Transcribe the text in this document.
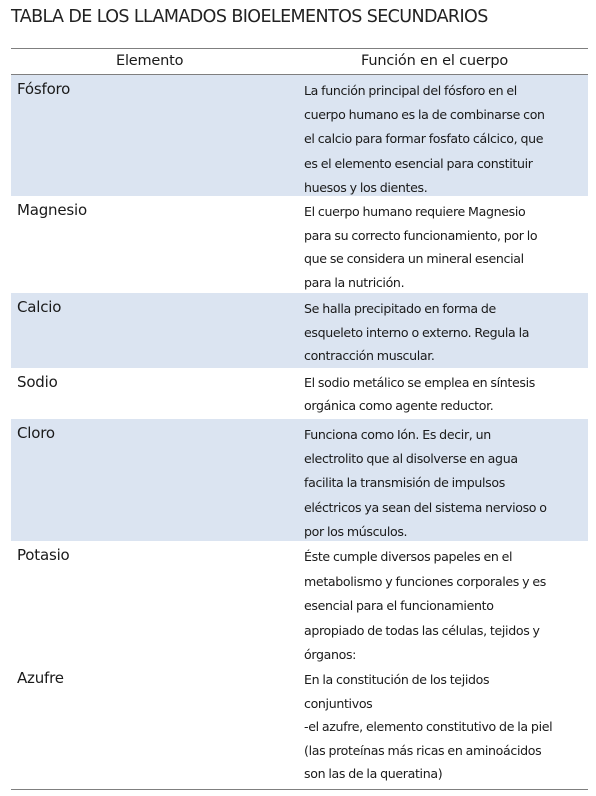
TABLA DE LOS LLAMADOS BIOELEMENTOS SECUNDARIOS
Elemento	Función en el cuerpo
Fósforo	La función principal del fósforo en el
cuerpo humano es la de combinarse con
el calcio para formar fosfato cálcico, que
es el elemento esencial para constituir
huesos y los dientes.
Magnesio	El cuerpo humano requiere Magnesio
para su correcto funcionamiento, por lo
que se considera un mineral esencial
para la nutrición.
Calcio	Se halla precipitado en forma de
esqueleto interno o externo. Regula la
contracción muscular.
Sodio	El sodio metálico se emplea en síntesis
orgánica como agente reductor.
Cloro	Funciona como Ión. Es decir, un
electrolito que al disolverse en agua
facilita la transmisión de impulsos
eléctricos ya sean del sistema nervioso o
por los músculos.
Potasio	Éste cumple diversos papeles en el
metabolismo y funciones corporales y es
esencial para el funcionamiento
apropiado de todas las células, tejidos y
órganos:
Azufre	En la constitución de los tejidos
conjuntivos
-el azufre, elemento constitutivo de la piel
(las proteínas más ricas en aminoácidos
son las de la queratina)
